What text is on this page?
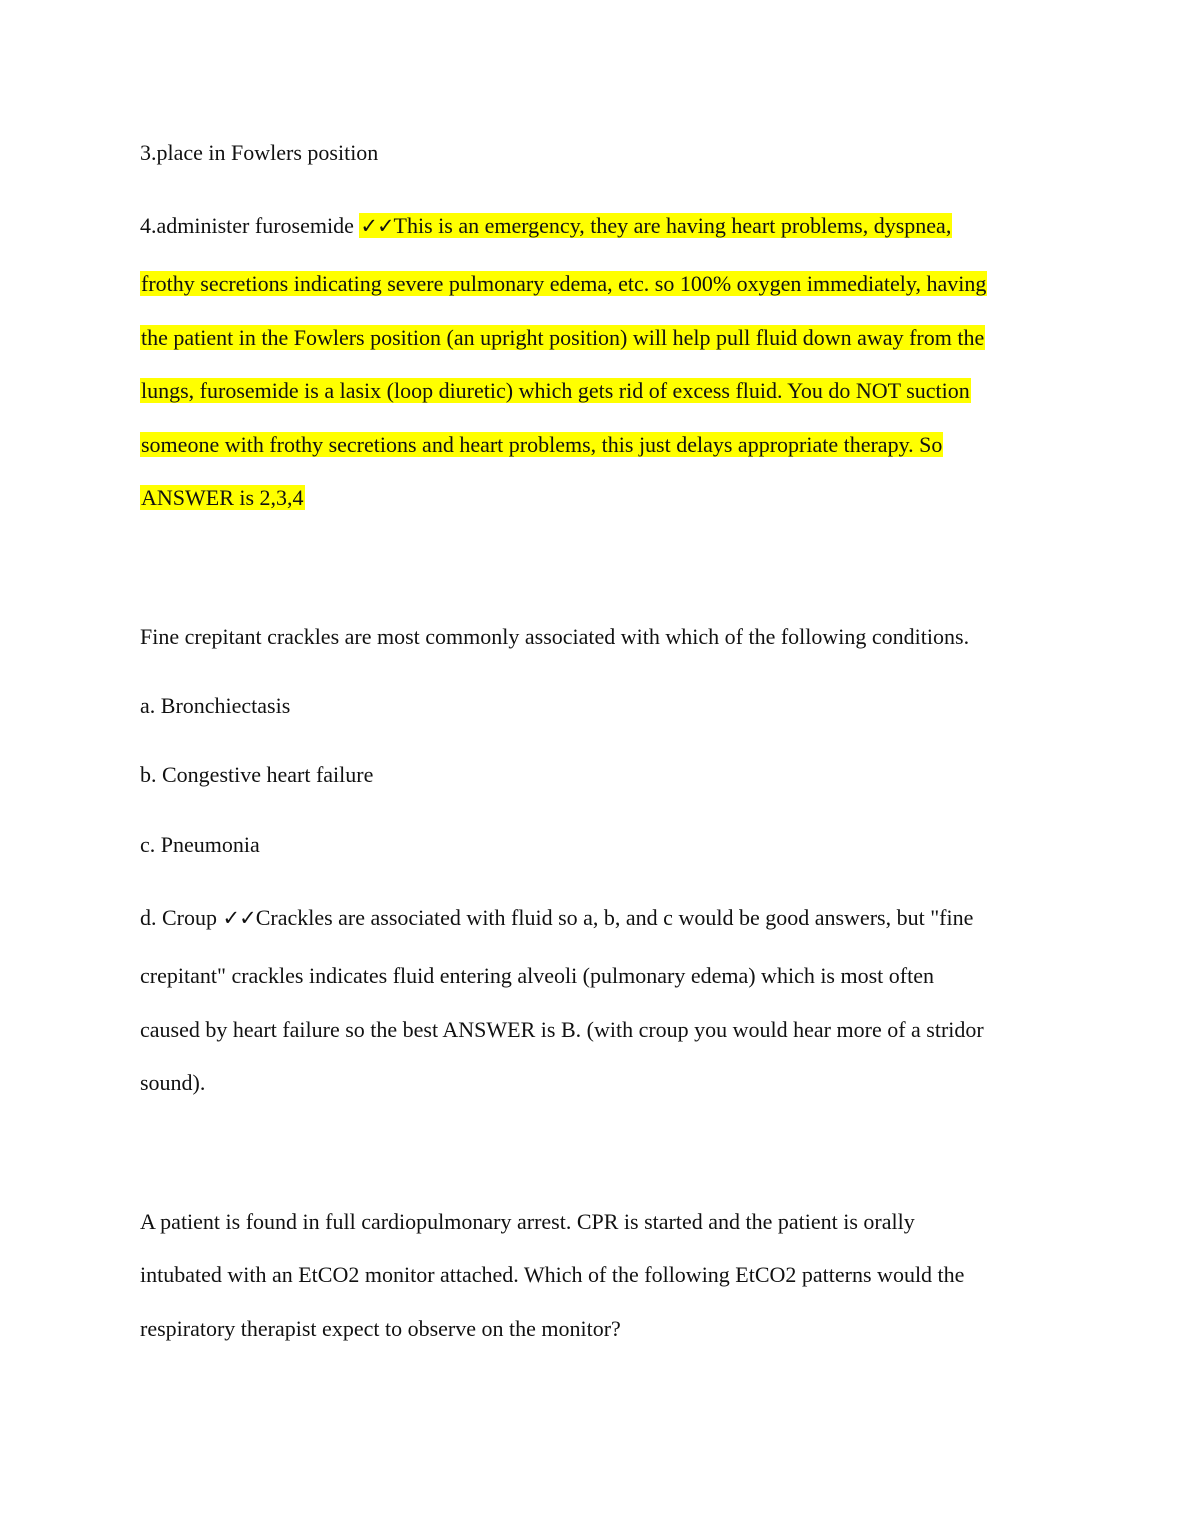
3.place in Fowlers position
4.administer furosemide ✓✓This is an emergency, they are having heart problems, dyspnea,
frothy secretions indicating severe pulmonary edema, etc. so 100% oxygen immediately, having
the patient in the Fowlers position (an upright position) will help pull fluid down away from the
lungs, furosemide is a lasix (loop diuretic) which gets rid of excess fluid. You do NOT suction
someone with frothy secretions and heart problems, this just delays appropriate therapy. So
ANSWER is 2,3,4
Fine crepitant crackles are most commonly associated with which of the following conditions.
a. Bronchiectasis
b. Congestive heart failure
c. Pneumonia
d. Croup ✓✓Crackles are associated with fluid so a, b, and c would be good answers, but "fine
crepitant" crackles indicates fluid entering alveoli (pulmonary edema) which is most often
caused by heart failure so the best ANSWER is B. (with croup you would hear more of a stridor
sound).
A patient is found in full cardiopulmonary arrest. CPR is started and the patient is orally
intubated with an EtCO2 monitor attached. Which of the following EtCO2 patterns would the
respiratory therapist expect to observe on the monitor?
